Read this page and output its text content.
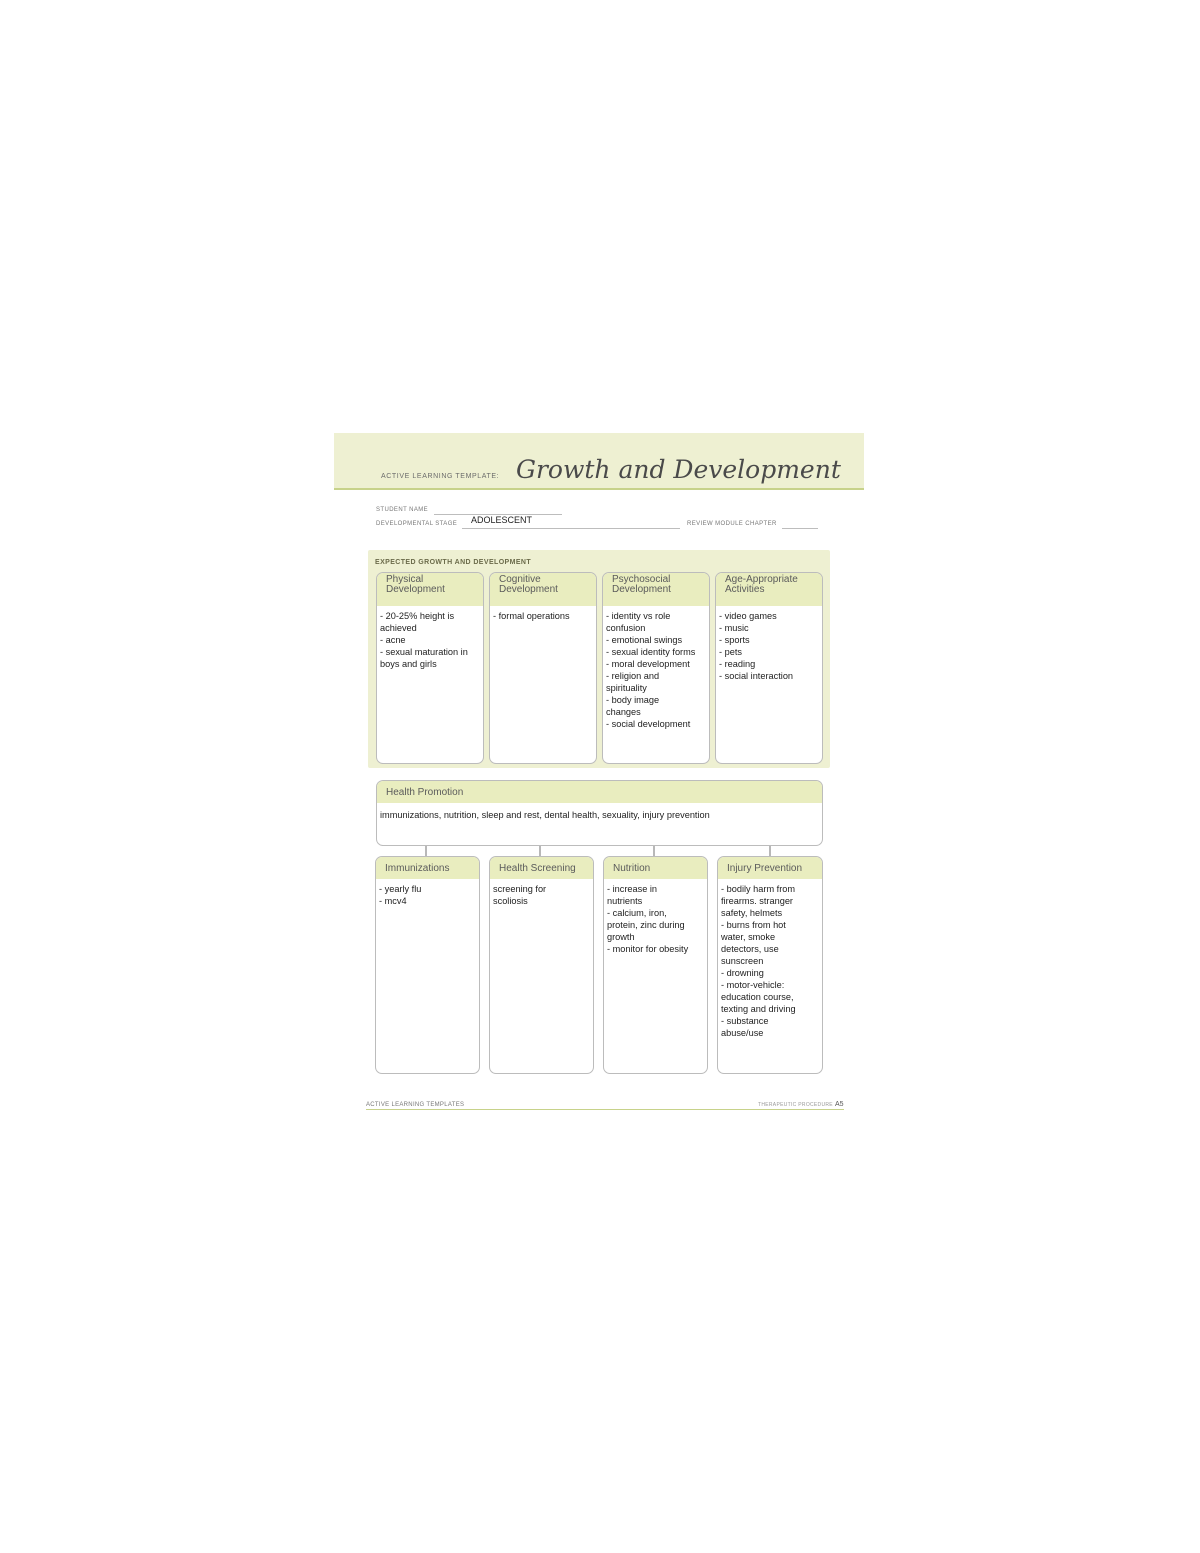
ACTIVE LEARNING TEMPLATE: Growth and Development
STUDENT NAME
DEVELOPMENTAL STAGE ADOLESCENT	REVIEW MODULE CHAPTER
EXPECTED GROWTH AND DEVELOPMENT
Physical
Development
- 20-25% height is
achieved
- acne
- sexual maturation in
boys and girls
Cognitive
Development
- formal operations
Psychosocial
Development
- identity vs role
confusion
- emotional swings
- sexual identity forms
- moral development
- religion and
spirituality
- body image
changes
- social development
Age-Appropriate
Activities
- video games
- music
- sports
- pets
- reading
- social interaction
Health Promotion
immunizations, nutrition, sleep and rest, dental health, sexuality, injury prevention
Immunizations
- yearly flu
- mcv4
Health Screening
screening for
scoliosis
Nutrition
- increase in
nutrients
- calcium, iron,
protein, zinc during
growth
- monitor for obesity
Injury Prevention
- bodily harm from
firearms. stranger
safety, helmets
- burns from hot
water, smoke
detectors, use
sunscreen
- drowning
- motor-vehicle:
education course,
texting and driving
- substance
abuse/use
ACTIVE LEARNING TEMPLATES	THERAPEUTIC PROCEDURE A5
